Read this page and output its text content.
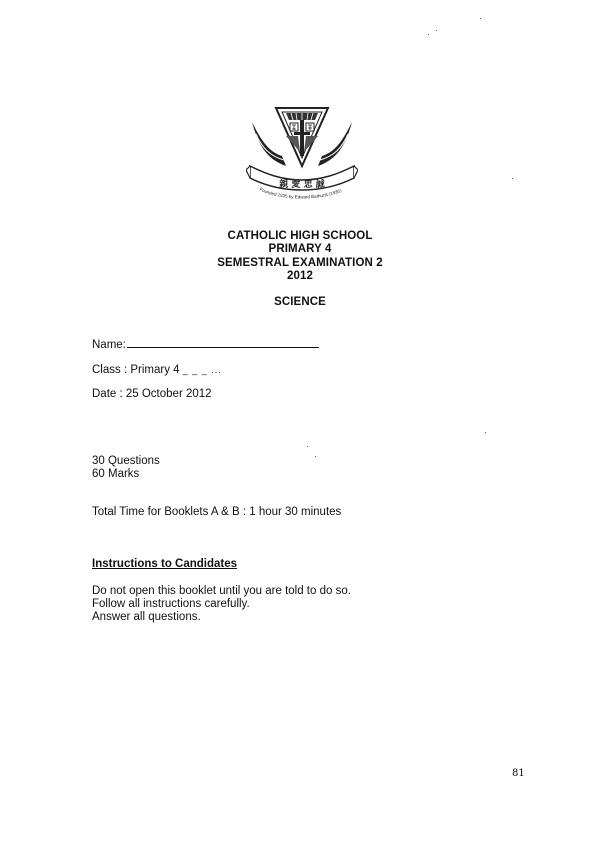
親 愛 忠 誠
Founded 1935 by Edward Bathurst (1935)
CATHOLIC HIGH SCHOOL
PRIMARY 4
SEMESTRAL EXAMINATION 2
2012
SCIENCE
Name:
Class : Primary 4 _ _ _ ...
Date : 25 October 2012
30 Questions
60 Marks
Total Time for Booklets A & B : 1 hour 30 minutes
Instructions to Candidates
Do not open this booklet until you are told to do so.
Follow all instructions carefully.
Answer all questions.
81
